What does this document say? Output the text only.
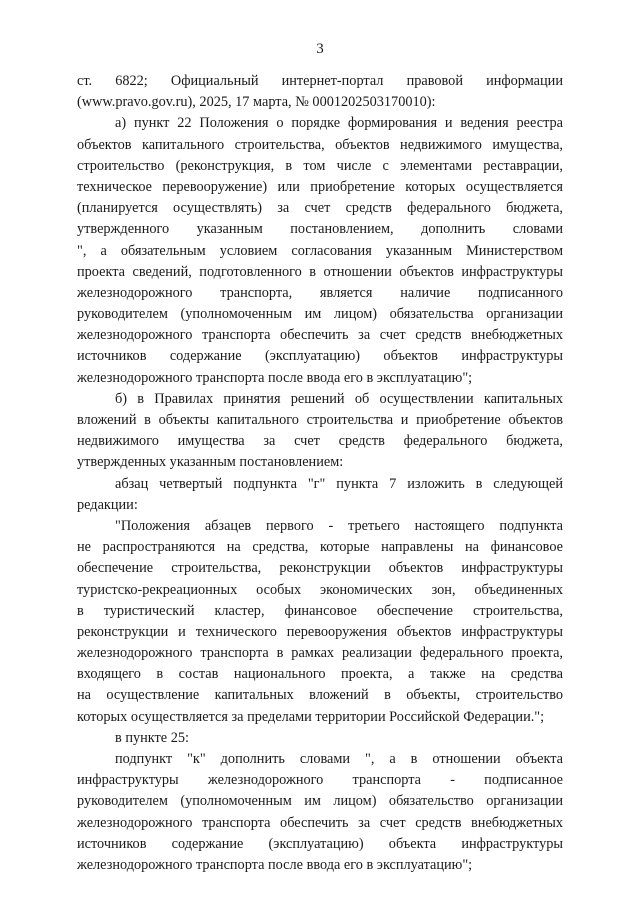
3
ст. 6822; Официальный интернет-портал правовой информации
(www.pravo.gov.ru), 2025, 17 марта, № 0001202503170010):
а) пункт 22 Положения о порядке формирования и ведения реестра
объектов капитального строительства, объектов недвижимого имущества,
строительство (реконструкция, в том числе с элементами реставрации,
техническое перевооружение) или приобретение которых осуществляется
(планируется осуществлять) за счет средств федерального бюджета,
утвержденного указанным постановлением, дополнить словами
", а обязательным условием согласования указанным Министерством
проекта сведений, подготовленного в отношении объектов инфраструктуры
железнодорожного транспорта, является наличие подписанного
руководителем (уполномоченным им лицом) обязательства организации
железнодорожного транспорта обеспечить за счет средств внебюджетных
источников содержание (эксплуатацию) объектов инфраструктуры
железнодорожного транспорта после ввода его в эксплуатацию";
б) в Правилах принятия решений об осуществлении капитальных
вложений в объекты капитального строительства и приобретение объектов
недвижимого имущества за счет средств федерального бюджета,
утвержденных указанным постановлением:
абзац четвертый подпункта "г" пункта 7 изложить в следующей
редакции:
"Положения абзацев первого - третьего настоящего подпункта
не распространяются на средства, которые направлены на финансовое
обеспечение строительства, реконструкции объектов инфраструктуры
туристско-рекреационных особых экономических зон, объединенных
в туристический кластер, финансовое обеспечение строительства,
реконструкции и технического перевооружения объектов инфраструктуры
железнодорожного транспорта в рамках реализации федерального проекта,
входящего в состав национального проекта, а также на средства
на осуществление капитальных вложений в объекты, строительство
которых осуществляется за пределами территории Российской Федерации.";
в пункте 25:
подпункт "к" дополнить словами ", а в отношении объекта
инфраструктуры железнодорожного транспорта - подписанное
руководителем (уполномоченным им лицом) обязательство организации
железнодорожного транспорта обеспечить за счет средств внебюджетных
источников содержание (эксплуатацию) объекта инфраструктуры
железнодорожного транспорта после ввода его в эксплуатацию";
